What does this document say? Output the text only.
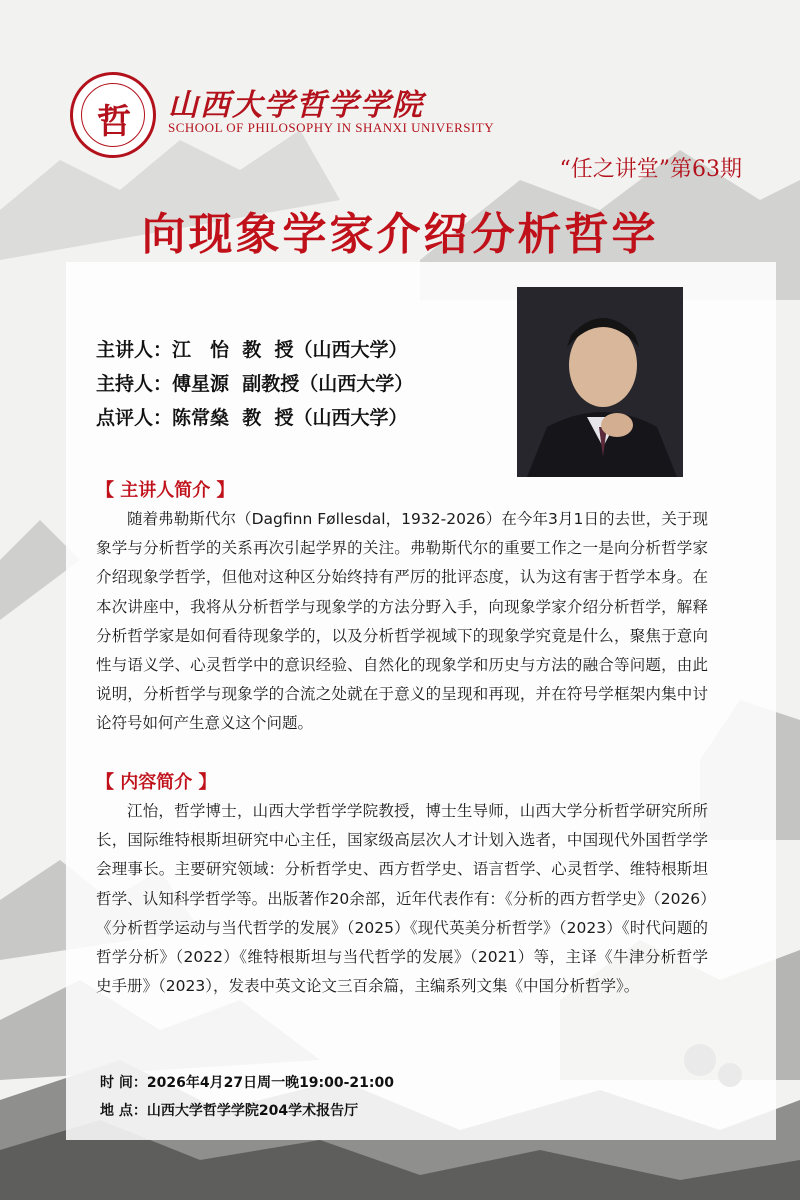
哲	山西大学哲学学院
SCHOOL OF PHILOSOPHY IN SHANXI UNIVERSITY
“任之讲堂”第63期
向现象学家介绍分析哲学
主讲人：江　怡  教  授（山西大学）
主持人：傅星源  副教授（山西大学）
点评人：陈常燊  教  授（山西大学）
【 主讲人简介 】
随着弗勒斯代尔（Dagfinn Føllesdal，1932-2026）在今年3月1日的去世，关于现象学与分析哲学的关系再次引起学界的关注。弗勒斯代尔的重要工作之一是向分析哲学家介绍现象学哲学，但他对这种区分始终持有严厉的批评态度，认为这有害于哲学本身。在本次讲座中，我将从分析哲学与现象学的方法分野入手，向现象学家介绍分析哲学，解释分析哲学家是如何看待现象学的，以及分析哲学视域下的现象学究竟是什么，聚焦于意向性与语义学、心灵哲学中的意识经验、自然化的现象学和历史与方法的融合等问题，由此说明，分析哲学与现象学的合流之处就在于意义的呈现和再现，并在符号学框架内集中讨论符号如何产生意义这个问题。
【 内容简介 】
江怡，哲学博士，山西大学哲学学院教授，博士生导师，山西大学分析哲学研究所所长，国际维特根斯坦研究中心主任，国家级高层次人才计划入选者，中国现代外国哲学学会理事长。主要研究领域：分析哲学史、西方哲学史、语言哲学、心灵哲学、维特根斯坦哲学、认知科学哲学等。出版著作20余部，近年代表作有：《分析的西方哲学史》（2026）《分析哲学运动与当代哲学的发展》（2025）《现代英美分析哲学》（2023）《时代问题的哲学分析》（2022）《维特根斯坦与当代哲学的发展》（2021）等，主译《牛津分析哲学史手册》（2023），发表中英文论文三百余篇，主编系列文集《中国分析哲学》。
时 间：2026年4月27日周一晚19:00-21:00
地 点：山西大学哲学学院204学术报告厅
